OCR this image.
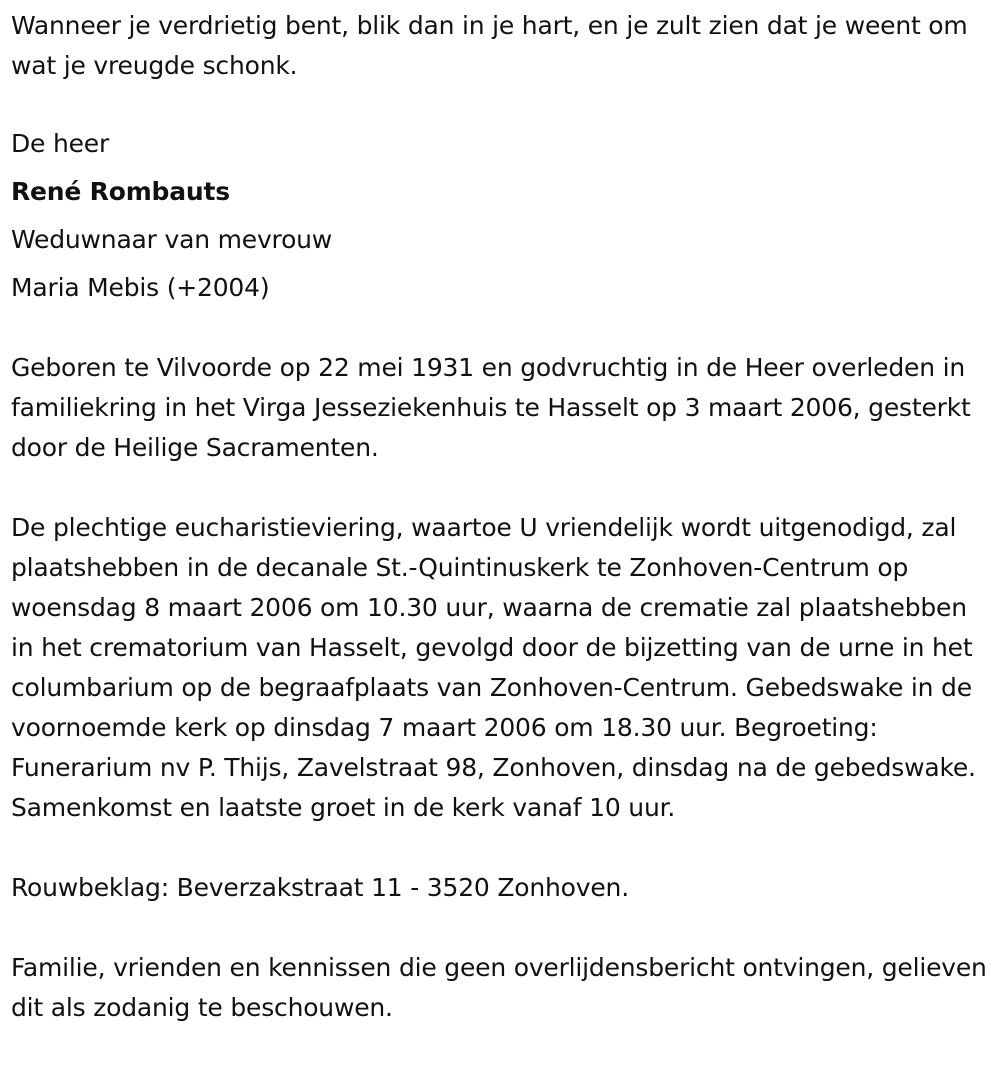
Wanneer je verdrietig bent, blik dan in je hart, en je zult zien dat je weent om wat je vreugde schonk.

De heer

René Rombauts

Weduwnaar van mevrouw

Maria Mebis (+2004)

Geboren te Vilvoorde op 22 mei 1931 en godvruchtig in de Heer overleden in familiekring in het Virga Jesseziekenhuis te Hasselt op 3 maart 2006, gesterkt door de Heilige Sacramenten.

De plechtige eucharistieviering, waartoe U vriendelijk wordt uitgenodigd, zal plaatshebben in de decanale St.-Quintinuskerk te Zonhoven-Centrum op woensdag 8 maart 2006 om 10.30 uur, waarna de crematie zal plaatshebben in het crematorium van Hasselt, gevolgd door de bijzetting van de urne in het columbarium op de begraafplaats van Zonhoven-Centrum. Gebedswake in de voornoemde kerk op dinsdag 7 maart 2006 om 18.30 uur. Begroeting: Funerarium nv P. Thijs, Zavelstraat 98, Zonhoven, dinsdag na de gebedswake. Samenkomst en laatste groet in de kerk vanaf 10 uur.

Rouwbeklag: Beverzakstraat 11 - 3520 Zonhoven.

Familie, vrienden en kennissen die geen overlijdensbericht ontvingen, gelieven dit als zodanig te beschouwen.
